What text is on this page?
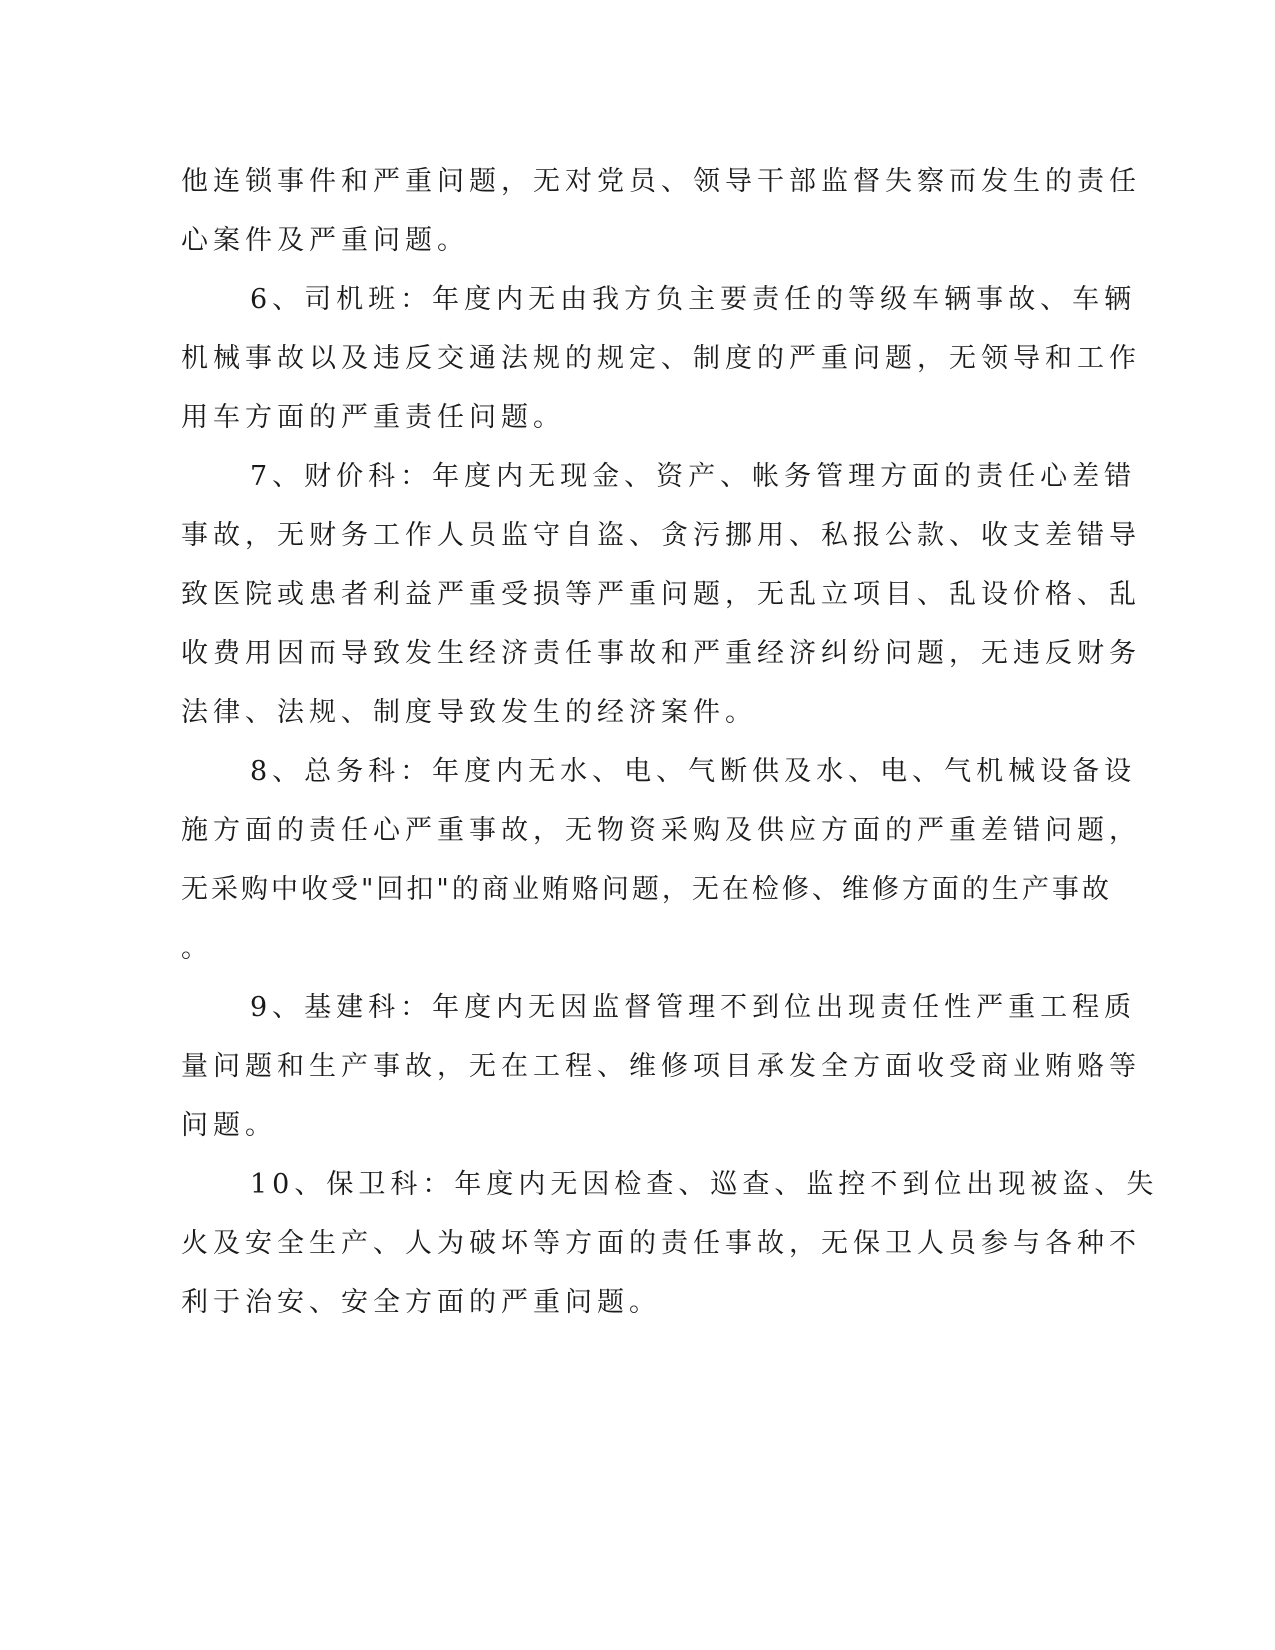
他连锁事件和严重问题，无对党员、领导干部监督失察而发生的责任
心案件及严重问题。
6、司机班：年度内无由我方负主要责任的等级车辆事故、车辆
机械事故以及违反交通法规的规定、制度的严重问题，无领导和工作
用车方面的严重责任问题。
7、财价科：年度内无现金、资产、帐务管理方面的责任心差错
事故，无财务工作人员监守自盗、贪污挪用、私报公款、收支差错导
致医院或患者利益严重受损等严重问题，无乱立项目、乱设价格、乱
收费用因而导致发生经济责任事故和严重经济纠纷问题，无违反财务
法律、法规、制度导致发生的经济案件。
8、总务科：年度内无水、电、气断供及水、电、气机械设备设
施方面的责任心严重事故，无物资采购及供应方面的严重差错问题，
无采购中收受"回扣"的商业贿赂问题，无在检修、维修方面的生产事故
。
9、基建科：年度内无因监督管理不到位出现责任性严重工程质
量问题和生产事故，无在工程、维修项目承发全方面收受商业贿赂等
问题。
10、保卫科：年度内无因检查、巡查、监控不到位出现被盗、失
火及安全生产、人为破坏等方面的责任事故，无保卫人员参与各种不
利于治安、安全方面的严重问题。
